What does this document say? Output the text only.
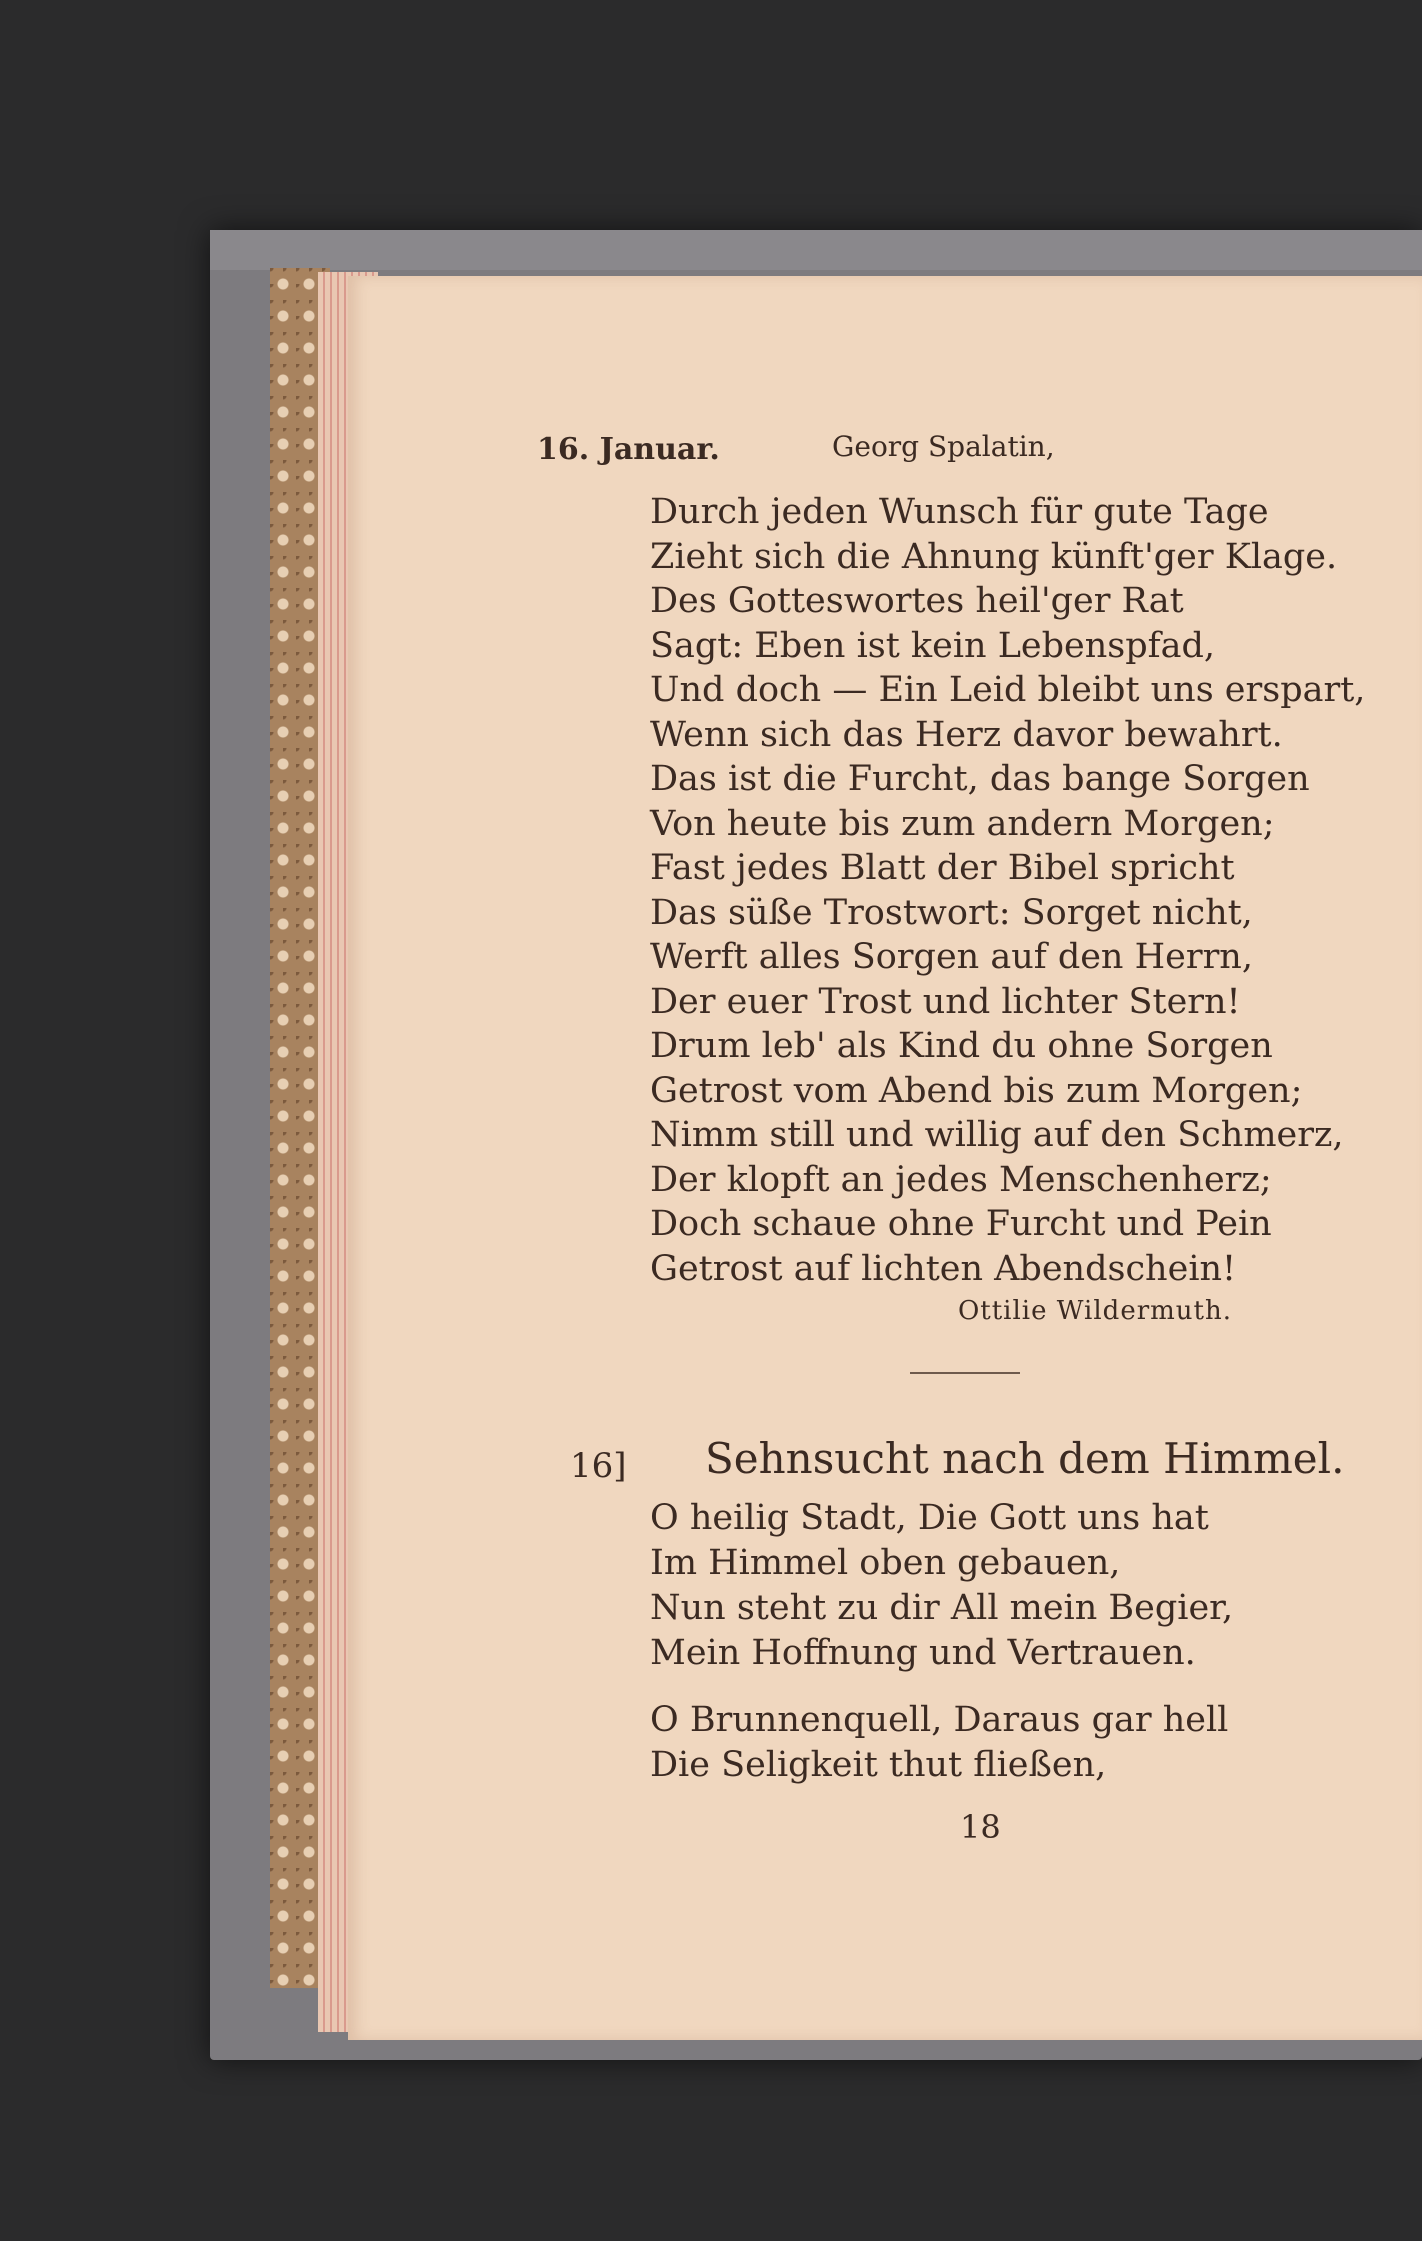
16. Januar.	Georg Spalatin,
Durch jeden Wunsch für gute Tage
Zieht sich die Ahnung künft'ger Klage.
Des Gotteswortes heil'ger Rat
Sagt: Eben ist kein Lebenspfad,
Und doch — Ein Leid bleibt uns erspart,
Wenn sich das Herz davor bewahrt.
Das ist die Furcht, das bange Sorgen
Von heute bis zum andern Morgen;
Fast jedes Blatt der Bibel spricht
Das süße Trostwort: Sorget nicht,
Werft alles Sorgen auf den Herrn,
Der euer Trost und lichter Stern!
Drum leb' als Kind du ohne Sorgen
Getrost vom Abend bis zum Morgen;
Nimm still und willig auf den Schmerz,
Der klopft an jedes Menschenherz;
Doch schaue ohne Furcht und Pein
Getrost auf lichten Abendschein!
Ottilie Wildermuth.
16] Sehnsucht nach dem Himmel.
O heilig Stadt, Die Gott uns hat
Im Himmel oben gebauen,
Nun steht zu dir All mein Begier,
Mein Hoffnung und Vertrauen.
O Brunnenquell, Daraus gar hell
Die Seligkeit thut fließen,
18
